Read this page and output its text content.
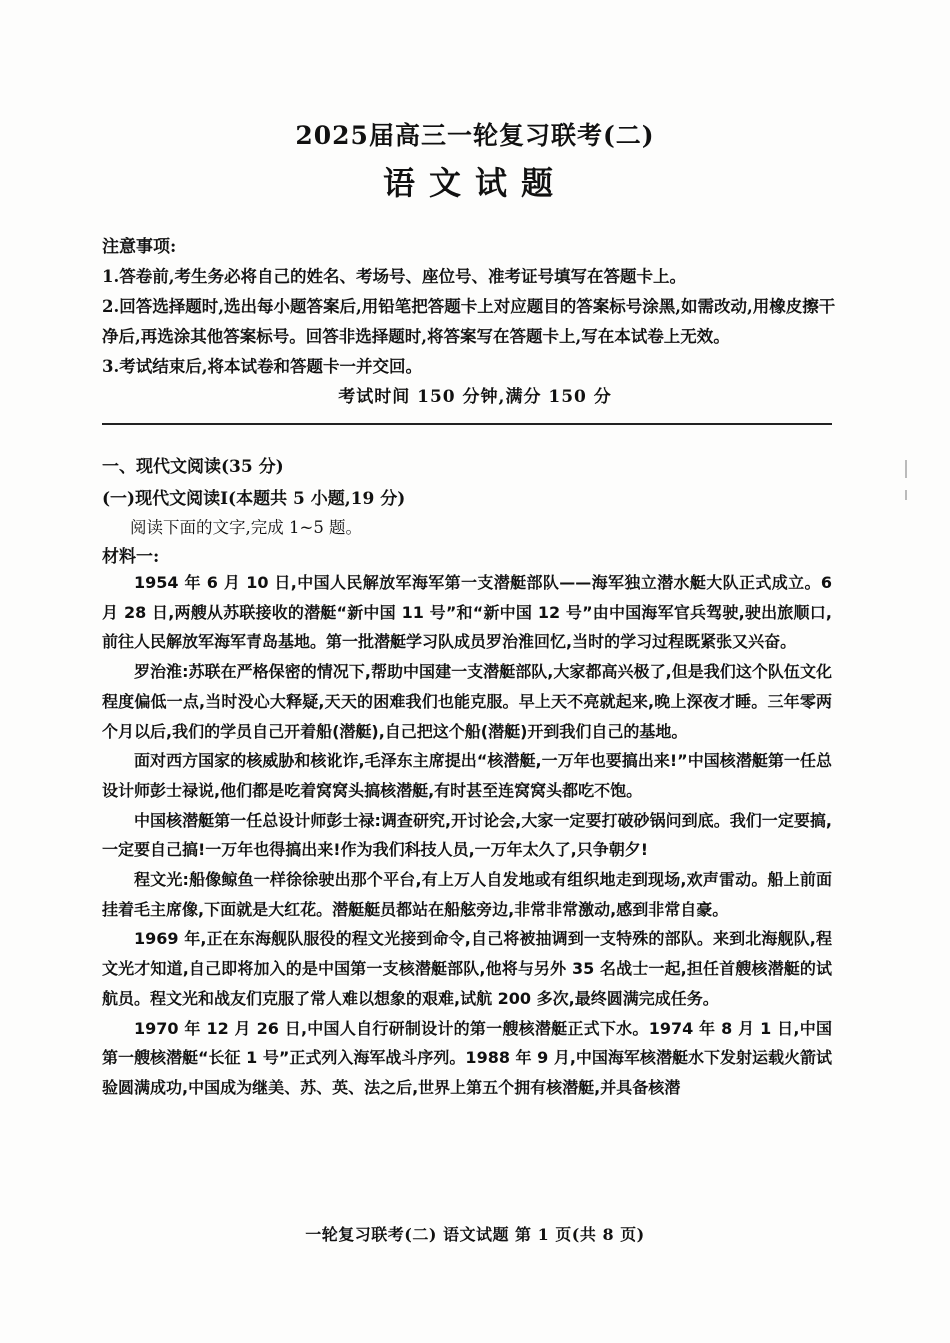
2025届高三一轮复习联考(二)
语文试题
注意事项:

1.答卷前,考生务必将自己的姓名、考场号、座位号、准考证号填写在答题卡上。

2.回答选择题时,选出每小题答案后,用铅笔把答题卡上对应题目的答案标号涂黑,如需改动,用橡皮擦干净后,再选涂其他答案标号。回答非选择题时,将答案写在答题卡上,写在本试卷上无效。

3.考试结束后,将本试卷和答题卡一并交回。

考试时间 150 分钟,满分 150 分
一、现代文阅读(35 分)
(一)现代文阅读Ⅰ(本题共 5 小题,19 分)
阅读下面的文字,完成 1~5 题。
材料一:

1954 年 6 月 10 日,中国人民解放军海军第一支潜艇部队——海军独立潜水艇大队正式成立。6 月 28 日,两艘从苏联接收的潜艇“新中国 11 号”和“新中国 12 号”由中国海军官兵驾驶,驶出旅顺口,前往人民解放军海军青岛基地。第一批潜艇学习队成员罗治淮回忆,当时的学习过程既紧张又兴奋。

罗治淮:苏联在严格保密的情况下,帮助中国建一支潜艇部队,大家都高兴极了,但是我们这个队伍文化程度偏低一点,当时没心大释疑,天天的困难我们也能克服。早上天不亮就起来,晚上深夜才睡。三年零两个月以后,我们的学员自己开着船(潜艇),自己把这个船(潜艇)开到我们自己的基地。

面对西方国家的核威胁和核讹诈,毛泽东主席提出“核潜艇,一万年也要搞出来!”中国核潜艇第一任总设计师彭士禄说,他们都是吃着窝窝头搞核潜艇,有时甚至连窝窝头都吃不饱。

中国核潜艇第一任总设计师彭士禄:调查研究,开讨论会,大家一定要打破砂锅问到底。我们一定要搞,一定要自己搞!一万年也得搞出来!作为我们科技人员,一万年太久了,只争朝夕!

程文光:船像鲸鱼一样徐徐驶出那个平台,有上万人自发地或有组织地走到现场,欢声雷动。船上前面挂着毛主席像,下面就是大红花。潜艇艇员都站在船舷旁边,非常非常激动,感到非常自豪。

1969 年,正在东海舰队服役的程文光接到命令,自己将被抽调到一支特殊的部队。来到北海舰队,程文光才知道,自己即将加入的是中国第一支核潜艇部队,他将与另外 35 名战士一起,担任首艘核潜艇的试航员。程文光和战友们克服了常人难以想象的艰难,试航 200 多次,最终圆满完成任务。

1970 年 12 月 26 日,中国人自行研制设计的第一艘核潜艇正式下水。1974 年 8 月 1 日,中国第一艘核潜艇“长征 1 号”正式列入海军战斗序列。1988 年 9 月,中国海军核潜艇水下发射运载火箭试验圆满成功,中国成为继美、苏、英、法之后,世界上第五个拥有核潜艇,并具备核潜

一轮复习联考(二) 语文试题 第 1 页(共 8 页)
